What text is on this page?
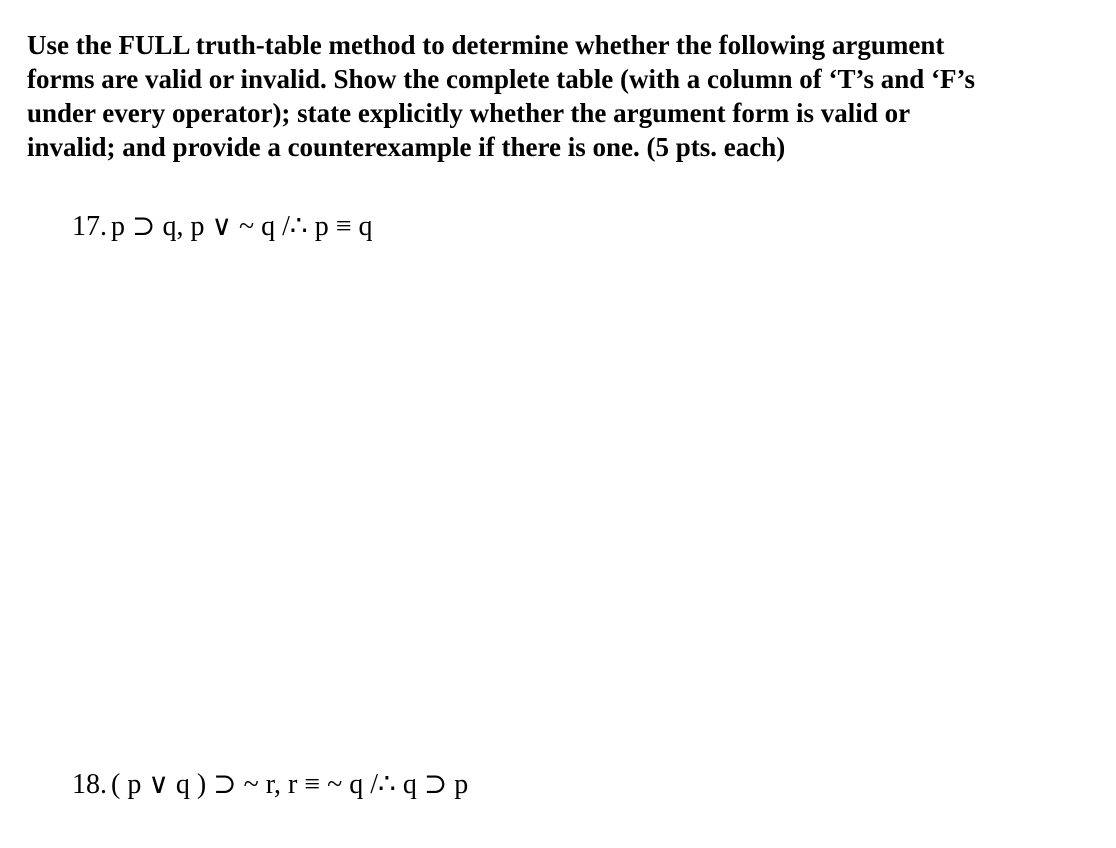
Use the FULL truth-table method to determine whether the following argument
forms are valid or invalid. Show the complete table (with a column of ‘T’s and ‘F’s
under every operator); state explicitly whether the argument form is valid or
invalid; and provide a counterexample if there is one. (5 pts. each)
17. p ⊃ q, p ∨ ~ q /∴ p ≡ q
18. ( p ∨ q ) ⊃ ~ r, r ≡ ~ q /∴ q ⊃ p
